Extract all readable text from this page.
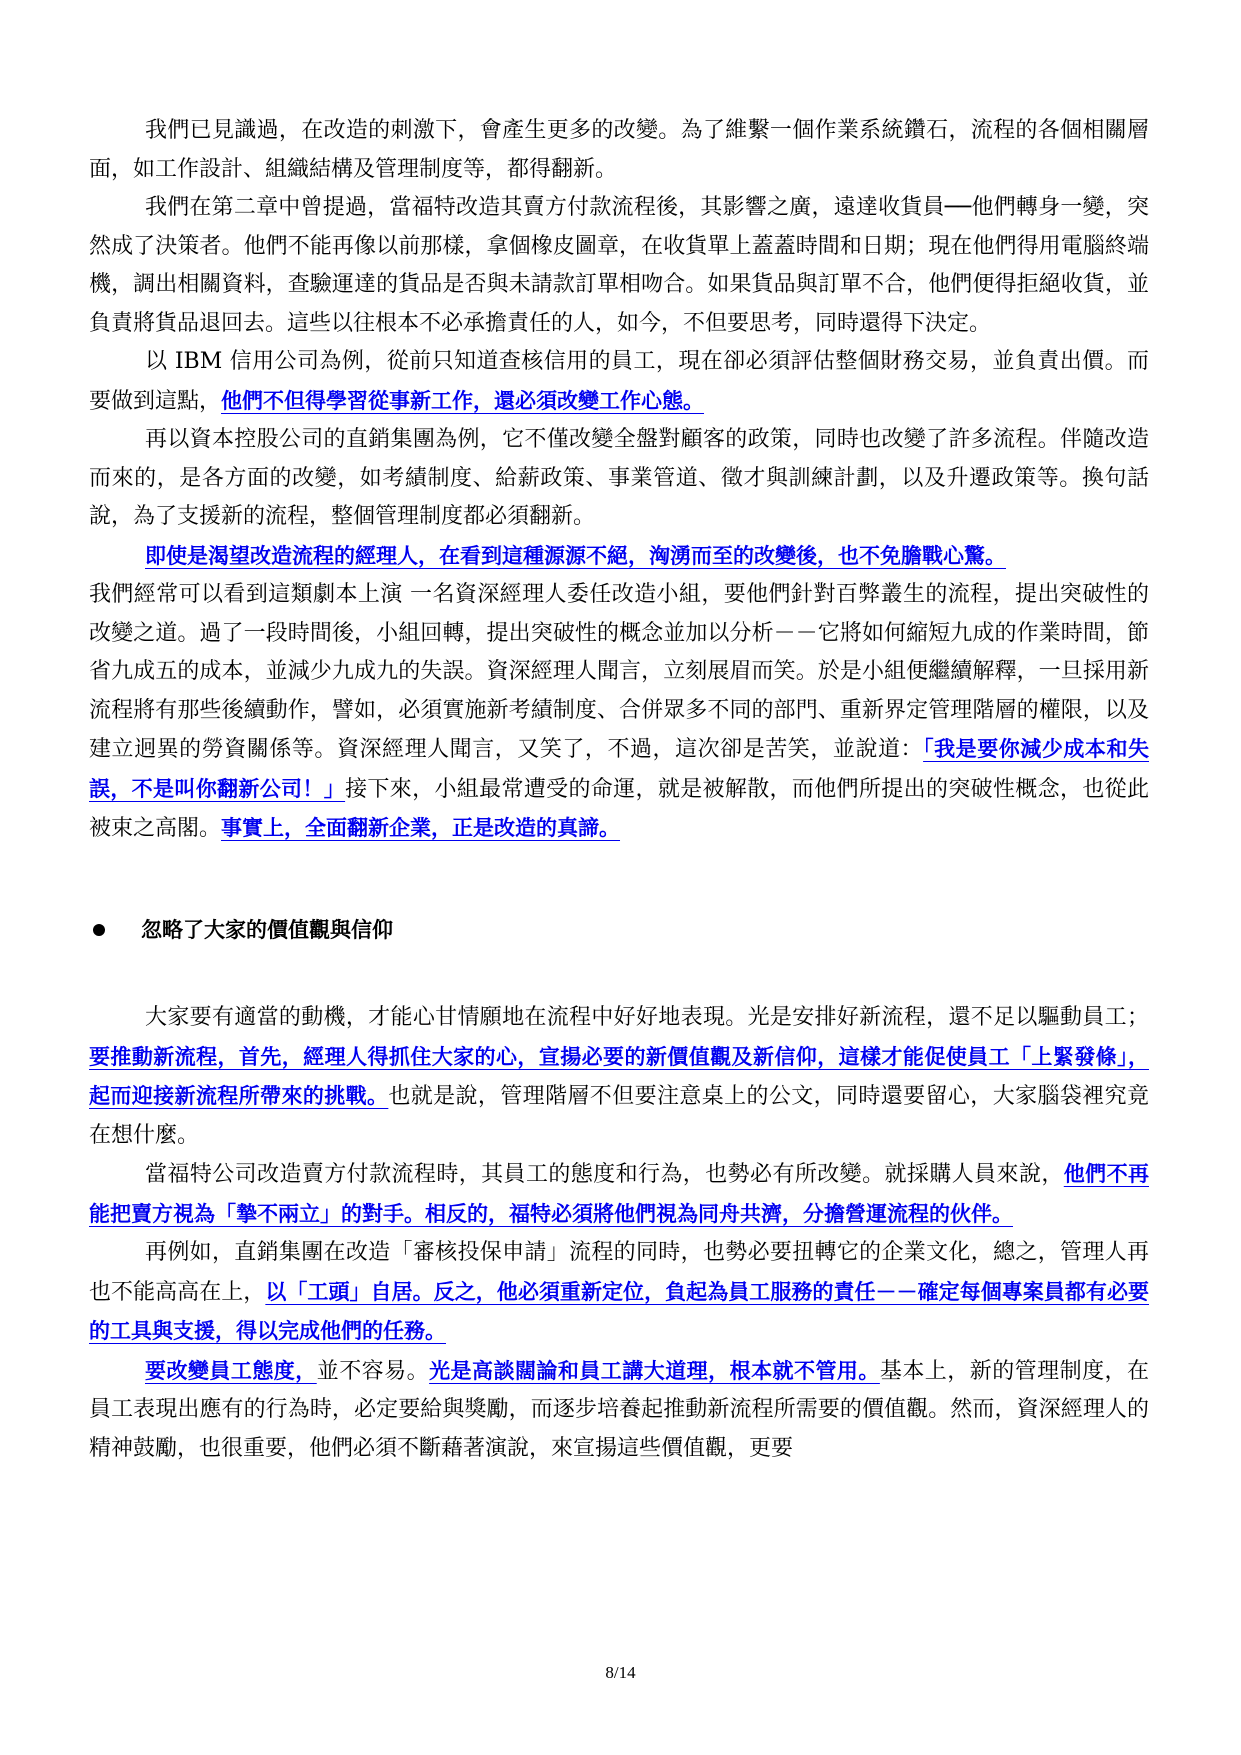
我們已見識過，在改造的刺激下，會產生更多的改變。為了維繫一個作業系統鑽石，流程的各個相關層面，如工作設計、組織結構及管理制度等，都得翻新。

我們在第二章中曾提過，當福特改造其賣方付款流程後，其影響之廣，遠達收貨員──他們轉身一變，突然成了決策者。他們不能再像以前那樣，拿個橡皮圖章，在收貨單上蓋蓋時間和日期；現在他們得用電腦終端機，調出相關資料，查驗運達的貨品是否與未請款訂單相吻合。如果貨品與訂單不合，他們便得拒絕收貨，並負責將貨品退回去。這些以往根本不必承擔責任的人，如今，不但要思考，同時還得下決定。

以 IBM 信用公司為例，從前只知道查核信用的員工，現在卻必須評估整個財務交易，並負責出價。而要做到這點，他們不但得學習從事新工作，還必須改變工作心態。

再以資本控股公司的直銷集團為例，它不僅改變全盤對顧客的政策，同時也改變了許多流程。伴隨改造而來的，是各方面的改變，如考績制度、給薪政策、事業管道、徵才與訓練計劃，以及升遷政策等。換句話說，為了支援新的流程，整個管理制度都必須翻新。

即使是渴望改造流程的經理人，在看到這種源源不絕，洶湧而至的改變後，也不免膽戰心驚。

我們經常可以看到這類劇本上演 一名資深經理人委任改造小組，要他們針對百弊叢生的流程，提出突破性的改變之道。過了一段時間後，小組回轉，提出突破性的概念並加以分析－－它將如何縮短九成的作業時間，節省九成五的成本，並減少九成九的失誤。資深經理人聞言，立刻展眉而笑。於是小組便繼續解釋，一旦採用新流程將有那些後續動作，譬如，必須實施新考績制度、合併眾多不同的部門、重新界定管理階層的權限，以及建立迥異的勞資關係等。資深經理人聞言，又笑了，不過，這次卻是苦笑，並說道：「我是要你減少成本和失誤，不是叫你翻新公司！」接下來，小組最常遭受的命運，就是被解散，而他們所提出的突破性概念，也從此被束之高閣。事實上，全面翻新企業，正是改造的真諦。

忽略了大家的價值觀與信仰

大家要有適當的動機，才能心甘情願地在流程中好好地表現。光是安排好新流程，還不足以驅動員工；要推動新流程，首先，經理人得抓住大家的心，宣揚必要的新價值觀及新信仰，這樣才能促使員工「上緊發條」，起而迎接新流程所帶來的挑戰。也就是說，管理階層不但要注意桌上的公文，同時還要留心，大家腦袋裡究竟在想什麼。

當福特公司改造賣方付款流程時，其員工的態度和行為，也勢必有所改變。就採購人員來說，他們不再能把賣方視為「摯不兩立」的對手。相反的，福特必須將他們視為同舟共濟，分擔營運流程的伙伴。

再例如，直銷集團在改造「審核投保申請」流程的同時，也勢必要扭轉它的企業文化，總之，管理人再也不能高高在上，以「工頭」自居。反之，他必須重新定位，負起為員工服務的責任－－確定每個專案員都有必要的工具與支援，得以完成他們的任務。

要改變員工態度，並不容易。光是高談闊論和員工講大道理，根本就不管用。基本上，新的管理制度，在員工表現出應有的行為時，必定要給與獎勵，而逐步培養起推動新流程所需要的價值觀。然而，資深經理人的精神鼓勵，也很重要，他們必須不斷藉著演說，來宣揚這些價值觀，更要

8/14
